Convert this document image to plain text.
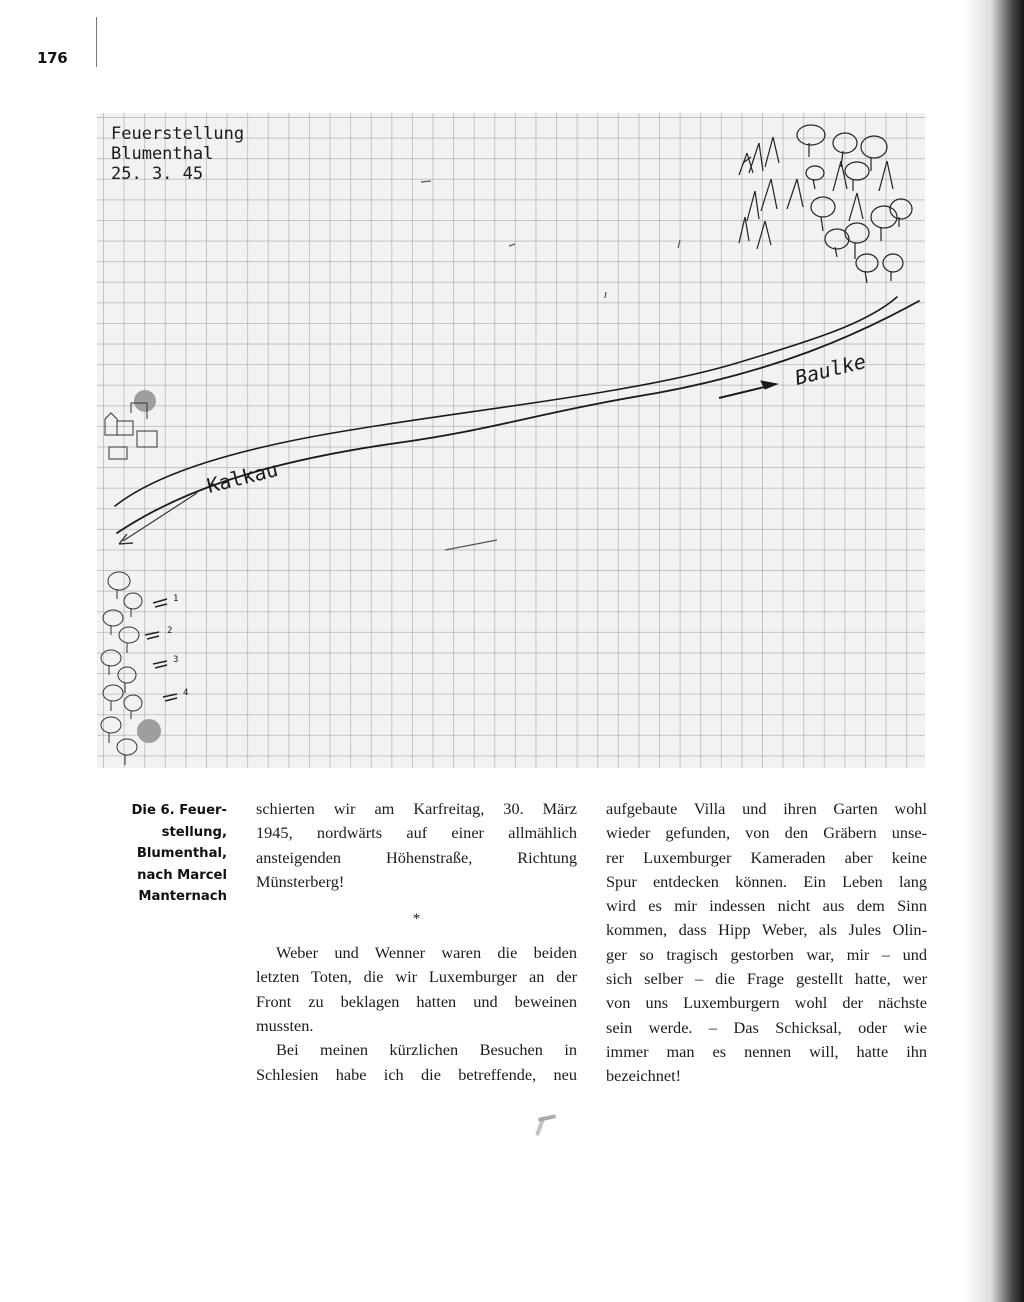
176
Feuerstellung
Blumenthal
25. 3. 45
Kalkau
Baulke
1
2
3
4
Die 6. Feuer-
stellung,
Blumenthal,
nach Marcel
Manternach

schierten wir am Karfreitag, 30. März
1945, nordwärts auf einer allmählich
ansteigenden Höhenstraße, Richtung
Münsterberg!

*

Weber und Wenner waren die beiden
letzten Toten, die wir Luxemburger an der
Front zu beklagen hatten und beweinen
mussten.

Bei meinen kürzlichen Besuchen in
Schlesien habe ich die betreffende, neu

aufgebaute Villa und ihren Garten wohl
wieder gefunden, von den Gräbern unse-
rer Luxemburger Kameraden aber keine
Spur entdecken können. Ein Leben lang
wird es mir indessen nicht aus dem Sinn
kommen, dass Hipp Weber, als Jules Olin-
ger so tragisch gestorben war, mir – und
sich selber – die Frage gestellt hatte, wer
von uns Luxemburgern wohl der nächste
sein werde. – Das Schicksal, oder wie
immer man es nennen will, hatte ihn
bezeichnet!
